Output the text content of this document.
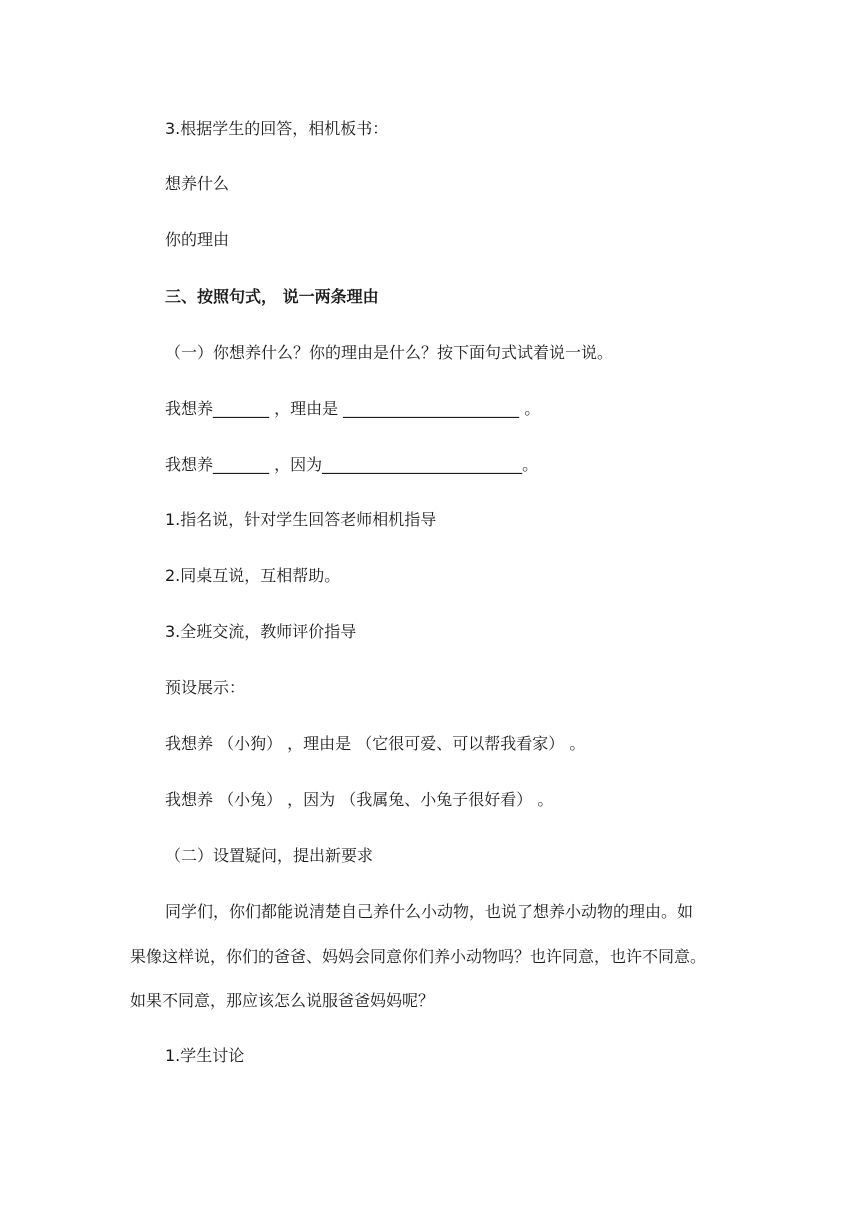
3.根据学生的回答，相机板书：
想养什么
你的理由
三、按照句式， 说一两条理由
（一）你想养什么？你的理由是什么？按下面句式试着说一说。
我想养_______ ，理由是 ______________________ 。
我想养_______ ，因为_________________________。
1.指名说，针对学生回答老师相机指导
2.同桌互说，互相帮助。
3.全班交流，教师评价指导
预设展示：
我想养 （小狗） ，理由是 （它很可爱、可以帮我看家） 。
我想养 （小兔） ，因为 （我属兔、小兔子很好看） 。
（二）设置疑问，提出新要求
同学们，你们都能说清楚自己养什么小动物，也说了想养小动物的理由。如
果像这样说，你们的爸爸、妈妈会同意你们养小动物吗？也许同意，也许不同意。
如果不同意，那应该怎么说服爸爸妈妈呢？
1.学生讨论
